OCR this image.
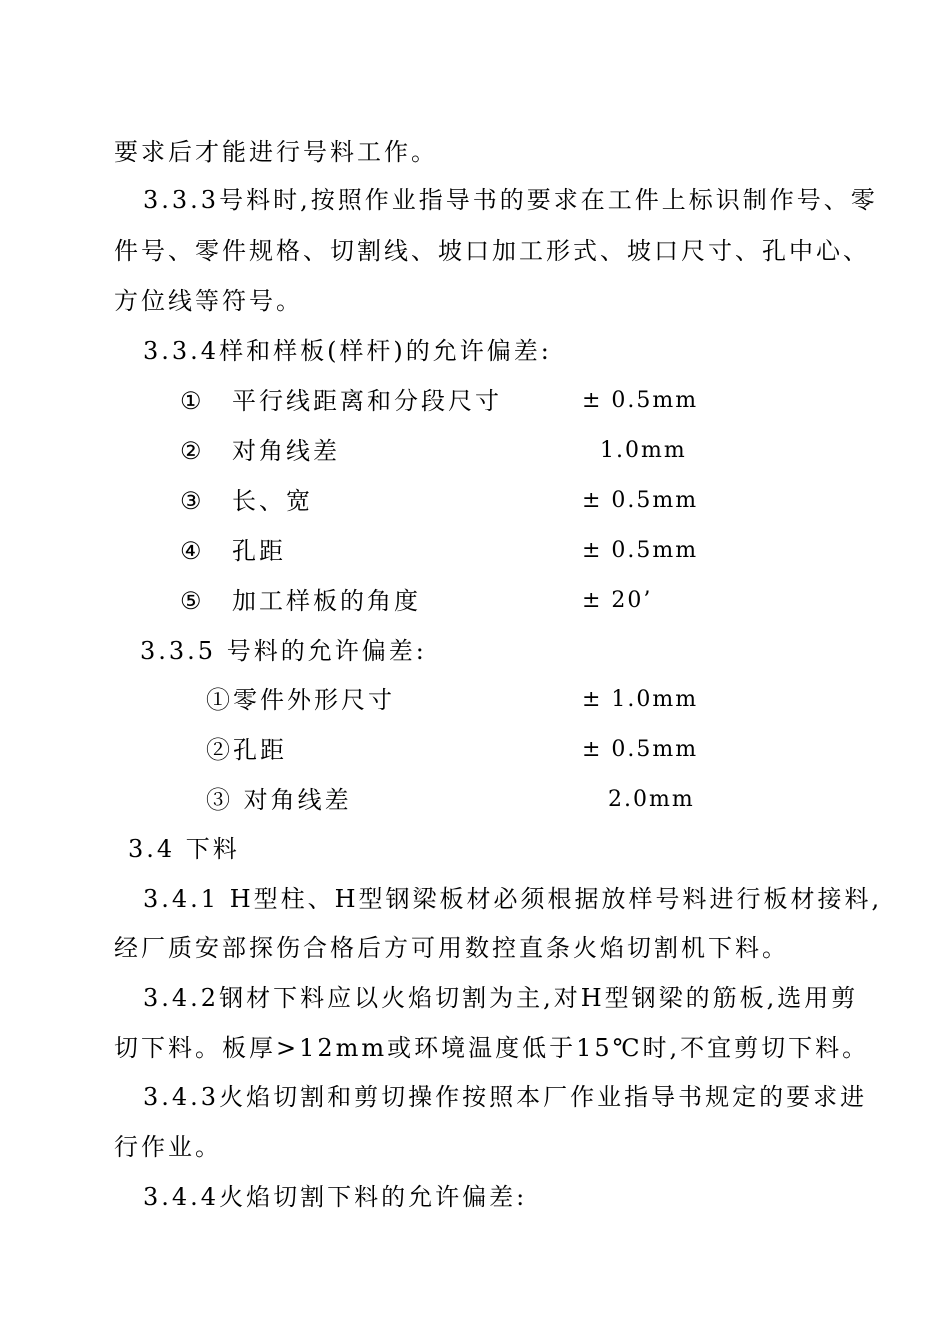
要求后才能进行号料工作。
3.3.3号料时,按照作业指导书的要求在工件上标识制作号、零
件号、零件规格、切割线、坡口加工形式、坡口尺寸、孔中心、
方位线等符号。
3.3.4样和样板(样杆)的允许偏差:
① 平行线距离和分段尺寸	± 0.5mm
② 对角线差	1.0mm
③ 长、宽	± 0.5mm
④ 孔距	± 0.5mm
⑤ 加工样板的角度	± 20’
3.3.5 号料的允许偏差:
①零件外形尺寸	± 1.0mm
②孔距	± 0.5mm
③ 对角线差	2.0mm
3.4 下料
3.4.1 H型柱、H型钢梁板材必须根据放样号料进行板材接料,
经厂质安部探伤合格后方可用数控直条火焰切割机下料。
3.4.2钢材下料应以火焰切割为主,对H型钢梁的筋板,选用剪
切下料。板厚>12mm或环境温度低于15℃时,不宜剪切下料。
3.4.3火焰切割和剪切操作按照本厂作业指导书规定的要求进
行作业。
3.4.4火焰切割下料的允许偏差:
